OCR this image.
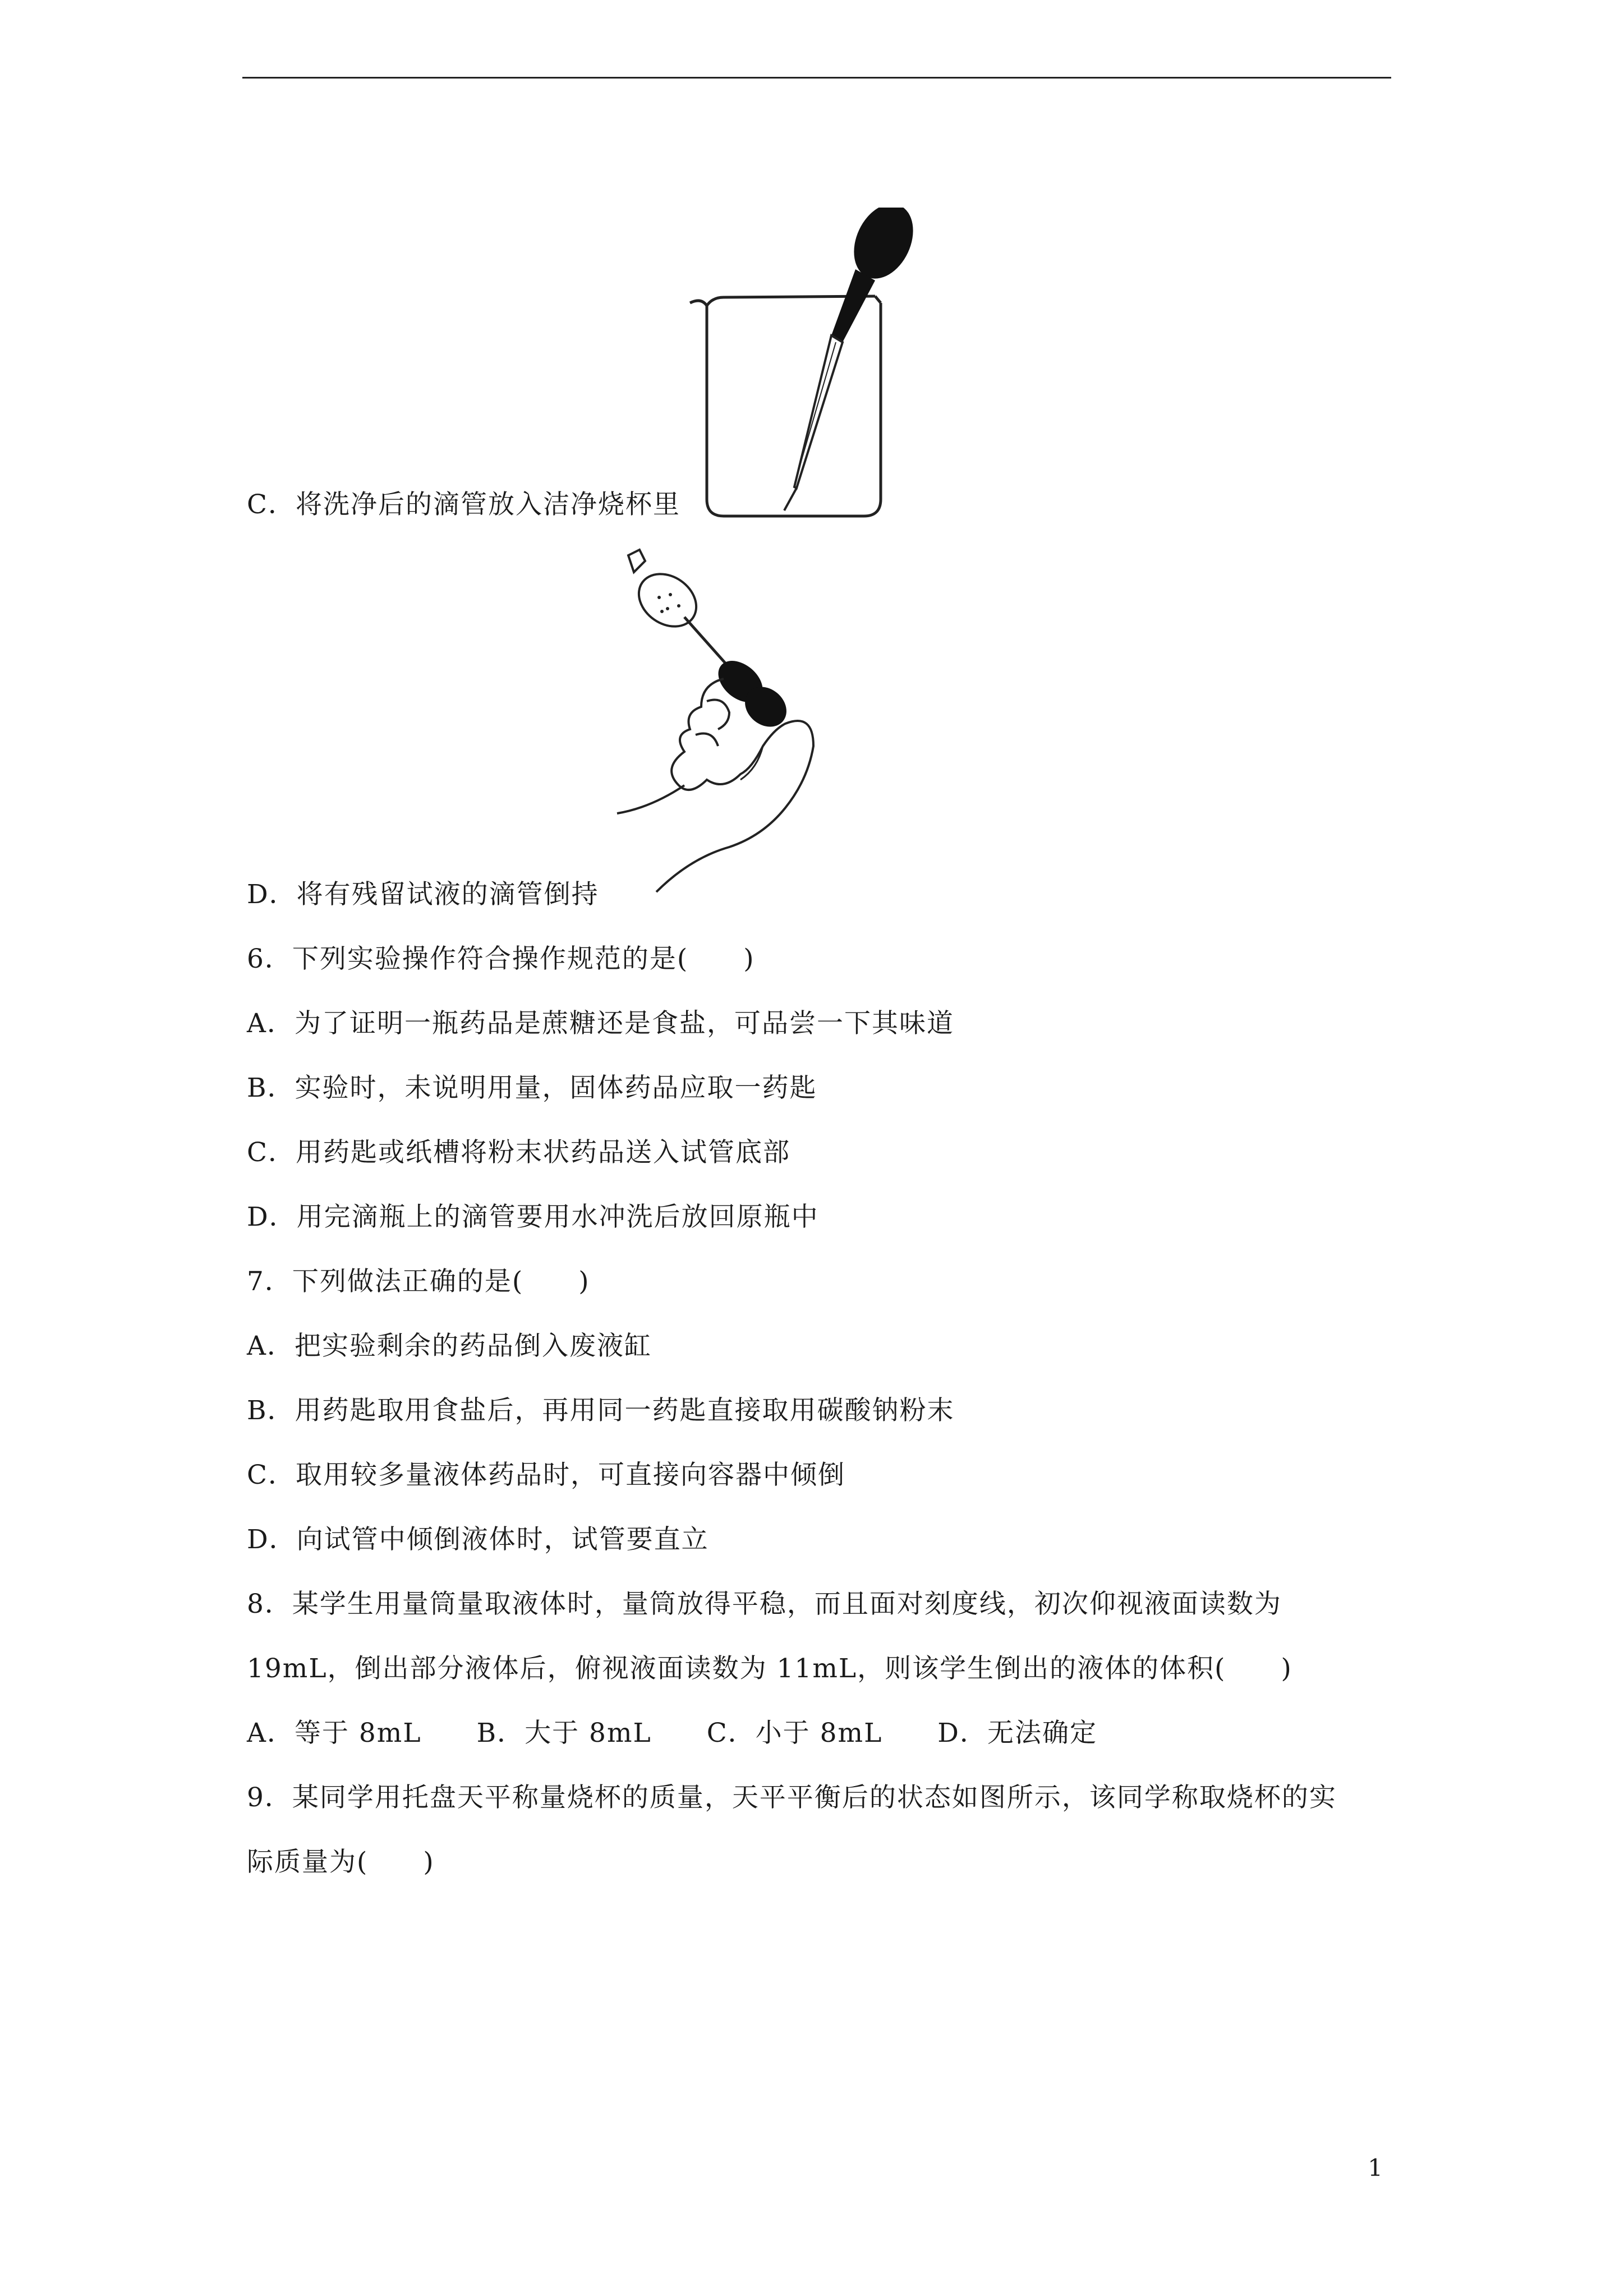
C．将洗净后的滴管放入洁净烧杯里
D．将有残留试液的滴管倒持
6．下列实验操作符合操作规范的是(　　)
A．为了证明一瓶药品是蔗糖还是食盐，可品尝一下其味道
B．实验时，未说明用量，固体药品应取一药匙
C．用药匙或纸槽将粉末状药品送入试管底部
D．用完滴瓶上的滴管要用水冲洗后放回原瓶中
7．下列做法正确的是(　　)
A．把实验剩余的药品倒入废液缸
B．用药匙取用食盐后，再用同一药匙直接取用碳酸钠粉末
C．取用较多量液体药品时，可直接向容器中倾倒
D．向试管中倾倒液体时，试管要直立
8．某学生用量筒量取液体时，量筒放得平稳，而且面对刻度线，初次仰视液面读数为
19mL，倒出部分液体后，俯视液面读数为 11mL，则该学生倒出的液体的体积(　　)
A．等于 8mL　　B．大于 8mL　　C．小于 8mL　　D．无法确定
9．某同学用托盘天平称量烧杯的质量，天平平衡后的状态如图所示，该同学称取烧杯的实
际质量为(　　)
1
